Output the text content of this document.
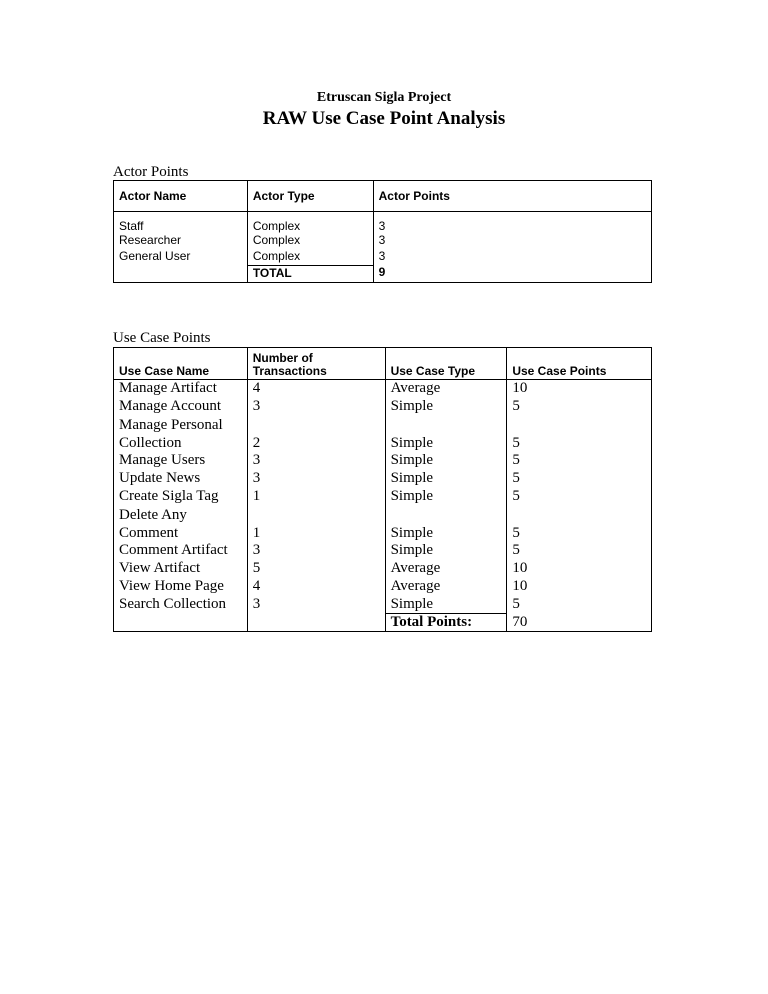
Etruscan Sigla Project
RAW Use Case Point Analysis
Actor Points
Actor Name	Actor Type	Actor Points
Staff	Complex	3
Researcher	Complex	3
General User	Complex	3
	TOTAL	9
Use Case Points
Use Case Name	Number of Transactions	Use Case Type	Use Case Points
Manage Artifact	4	Average	10
Manage Account	3	Simple	5
Manage Personal Collection	2	Simple	5
Manage Users	3	Simple	5
Update News	3	Simple	5
Create Sigla Tag	1	Simple	5
Delete Any Comment	1	Simple	5
Comment Artifact	3	Simple	5
View Artifact	5	Average	10
View Home Page	4	Average	10
Search Collection	3	Simple	5
		Total Points:	70
